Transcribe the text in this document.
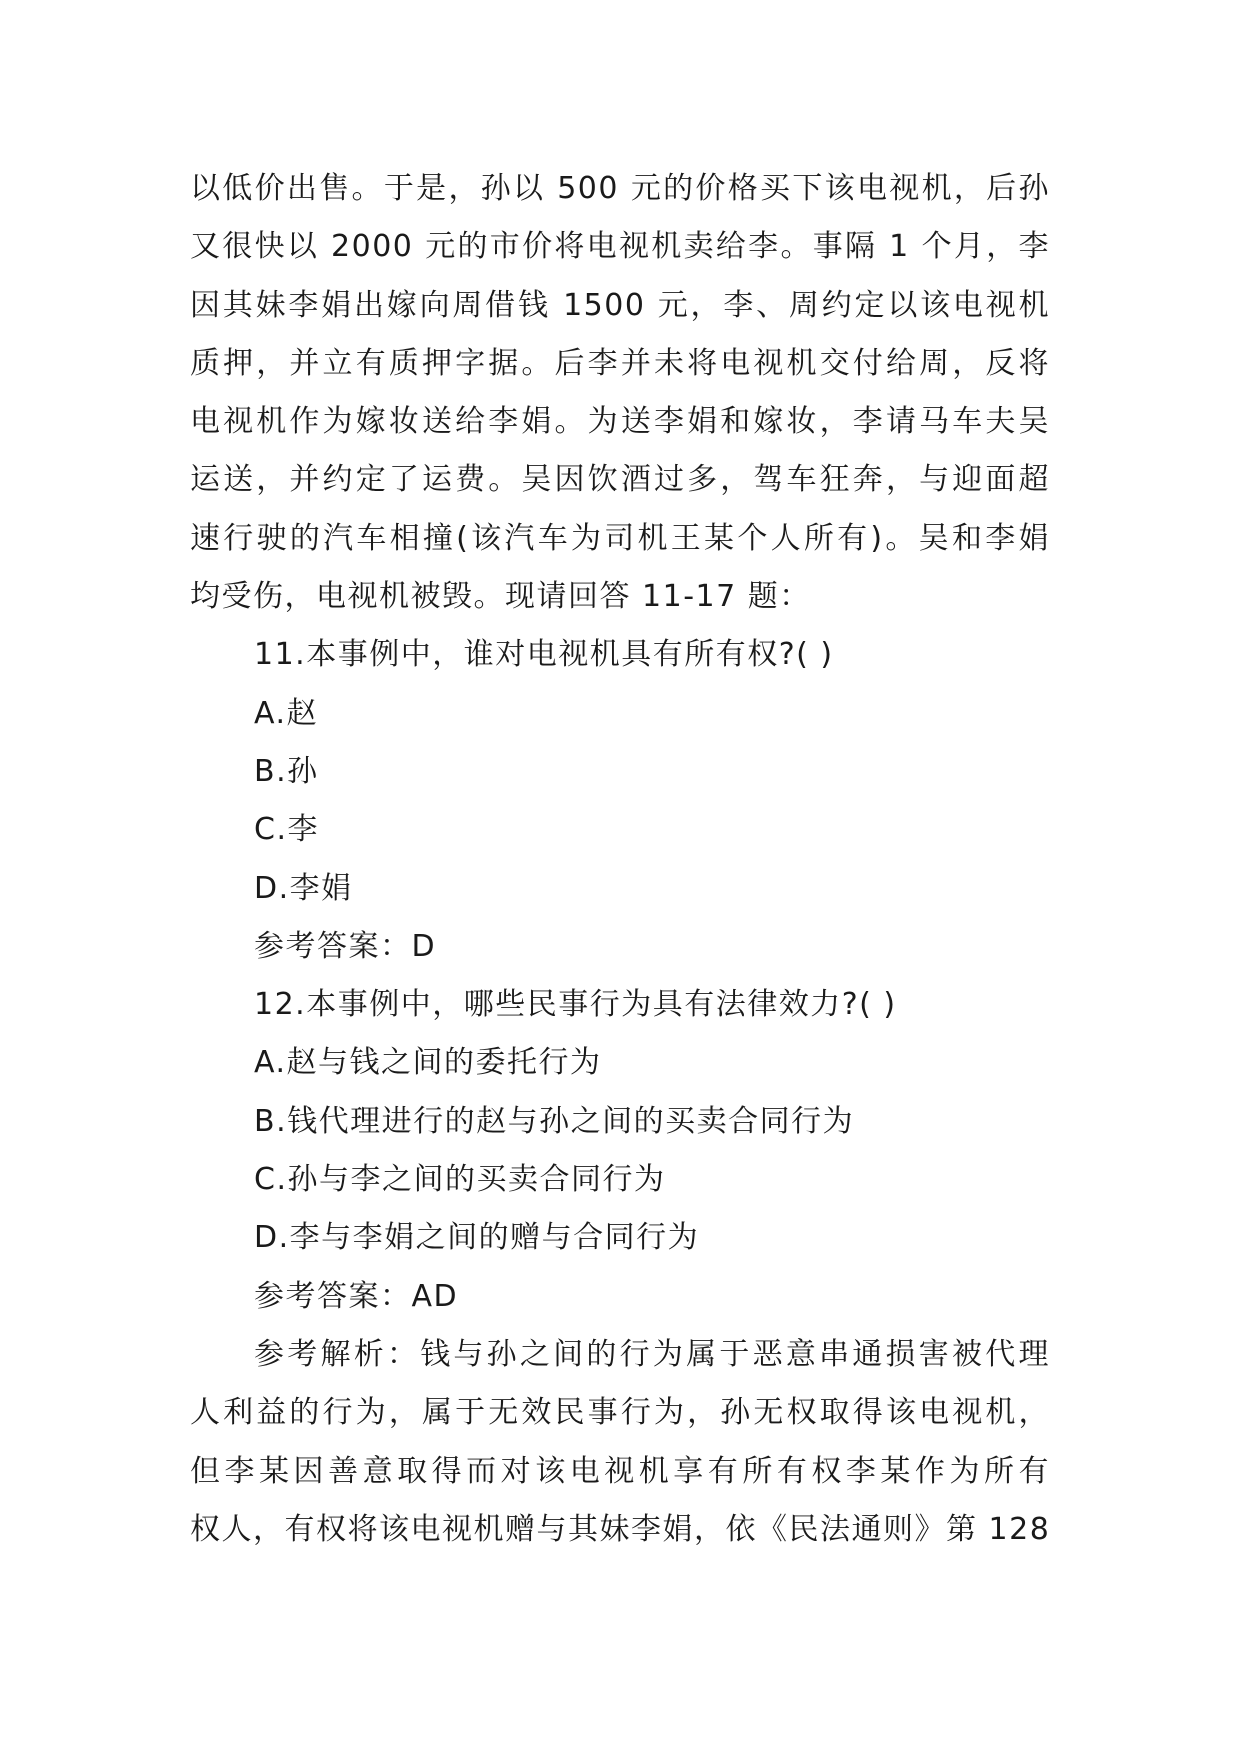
以低价出售。于是，孙以 500 元的价格买下该电视机，后孙
又很快以 2000 元的市价将电视机卖给李。事隔 1 个月，李
因其妹李娟出嫁向周借钱 1500 元，李、周约定以该电视机
质押，并立有质押字据。后李并未将电视机交付给周，反将
电视机作为嫁妆送给李娟。为送李娟和嫁妆，李请马车夫吴
运送，并约定了运费。吴因饮酒过多，驾车狂奔，与迎面超
速行驶的汽车相撞(该汽车为司机王某个人所有)。吴和李娟
均受伤，电视机被毁。现请回答 11-17 题：
11.本事例中，谁对电视机具有所有权?( )
A.赵
B.孙
C.李
D.李娟
参考答案：D
12.本事例中，哪些民事行为具有法律效力?( )
A.赵与钱之间的委托行为
B.钱代理进行的赵与孙之间的买卖合同行为
C.孙与李之间的买卖合同行为
D.李与李娟之间的赠与合同行为
参考答案：AD
参考解析：钱与孙之间的行为属于恶意串通损害被代理
人利益的行为，属于无效民事行为，孙无权取得该电视机，
但李某因善意取得而对该电视机享有所有权李某作为所有
权人，有权将该电视机赠与其妹李娟，依《民法通则》第 128
